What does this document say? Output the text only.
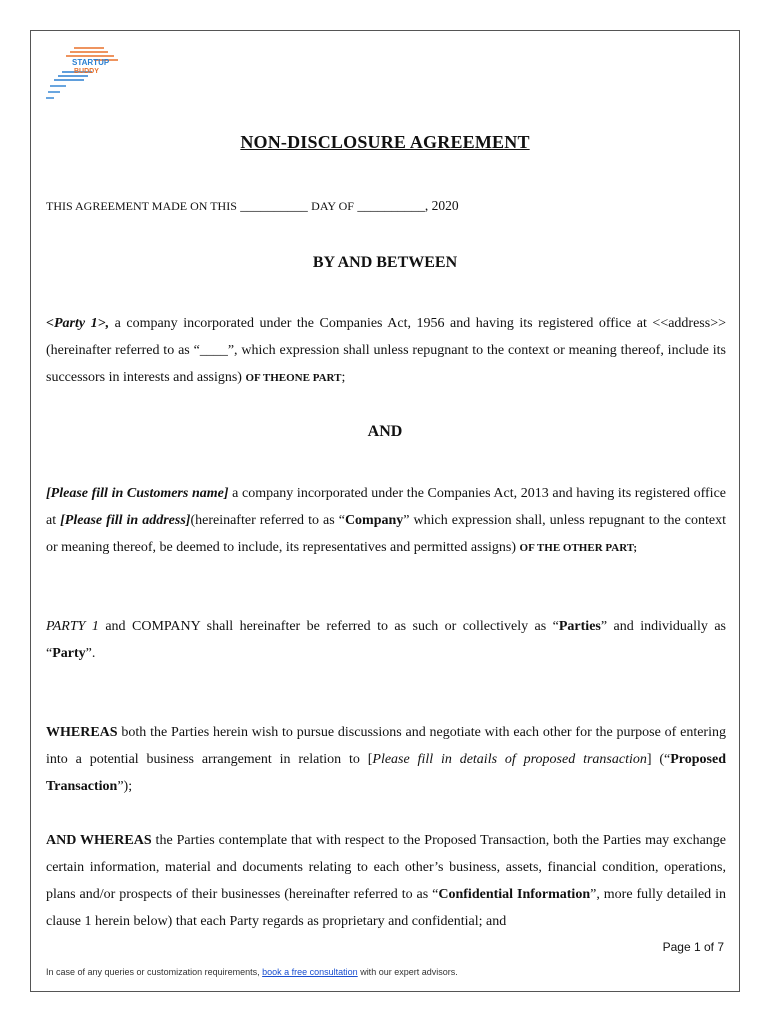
STARTUP
BUDDY
NON-DISCLOSURE AGREEMENT
THIS AGREEMENT MADE ON THIS __________ DAY OF __________, 2020
BY AND BETWEEN
<Party 1>, a company incorporated under the Companies Act, 1956 and having its registered office at <<address>>(hereinafter referred to as “____”, which expression shall unless repugnant to the context or meaning thereof, include its successors in interests and assigns) OF THEONE PART;
AND
[Please fill in Customers name] a company incorporated under the Companies Act, 2013 and having its registered office at [Please fill in address](hereinafter referred to as “Company” which expression shall, unless repugnant to the context or meaning thereof, be deemed to include, its representatives and permitted assigns) OF THE OTHER PART;
PARTY 1 and COMPANY shall hereinafter be referred to as such or collectively as “Parties” and individually as “Party”.
WHEREAS both the Parties herein wish to pursue discussions and negotiate with each other for the purpose of entering into a potential business arrangement in relation to [Please fill in details of proposed transaction] (“Proposed Transaction”);
AND WHEREAS the Parties contemplate that with respect to the Proposed Transaction, both the Parties may exchange certain information, material and documents relating to each other’s business, assets, financial condition, operations, plans and/or prospects of their businesses (hereinafter referred to as “Confidential Information”, more fully detailed in clause 1 herein below) that each Party regards as proprietary and confidential; and
Page 1 of 7
In case of any queries or customization requirements, book a free consultation with our expert advisors.
